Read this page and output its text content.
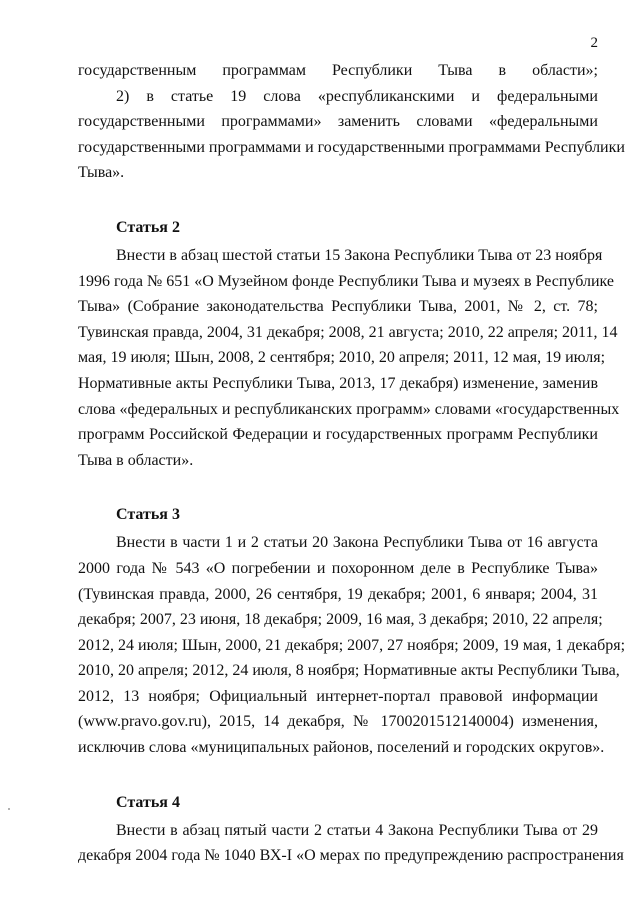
2
государственным программам Республики Тыва в области»;
2) в статье 19 слова «республиканскими и федеральными
государственными программами» заменить словами «федеральными
государственными программами и государственными программами Республики
Тыва».
Статья 2
Внести в абзац шестой статьи 15 Закона Республики Тыва от 23 ноября
1996 года № 651 «О Музейном фонде Республики Тыва и музеях в Республике
Тыва» (Собрание законодательства Республики Тыва, 2001, № 2, ст. 78;
Тувинская правда, 2004, 31 декабря; 2008, 21 августа; 2010, 22 апреля; 2011, 14
мая, 19 июля; Шын, 2008, 2 сентября; 2010, 20 апреля; 2011, 12 мая, 19 июля;
Нормативные акты Республики Тыва, 2013, 17 декабря) изменение, заменив
слова «федеральных и республиканских программ» словами «государственных
программ Российской Федерации и государственных программ Республики
Тыва в области».
Статья 3
Внести в части 1 и 2 статьи 20 Закона Республики Тыва от 16 августа
2000 года № 543 «О погребении и похоронном деле в Республике Тыва»
(Тувинская правда, 2000, 26 сентября, 19 декабря; 2001, 6 января; 2004, 31
декабря; 2007, 23 июня, 18 декабря; 2009, 16 мая, 3 декабря; 2010, 22 апреля;
2012, 24 июля; Шын, 2000, 21 декабря; 2007, 27 ноября; 2009, 19 мая, 1 декабря;
2010, 20 апреля; 2012, 24 июля, 8 ноября; Нормативные акты Республики Тыва,
2012, 13 ноября; Официальный интернет-портал правовой информации
(www.pravo.gov.ru), 2015, 14 декабря, № 1700201512140004) изменения,
исключив слова «муниципальных районов, поселений и городских округов».
Статья 4
Внести в абзац пятый части 2 статьи 4 Закона Республики Тыва от 29
декабря 2004 года № 1040 ВХ-I «О мерах по предупреждению распространения
